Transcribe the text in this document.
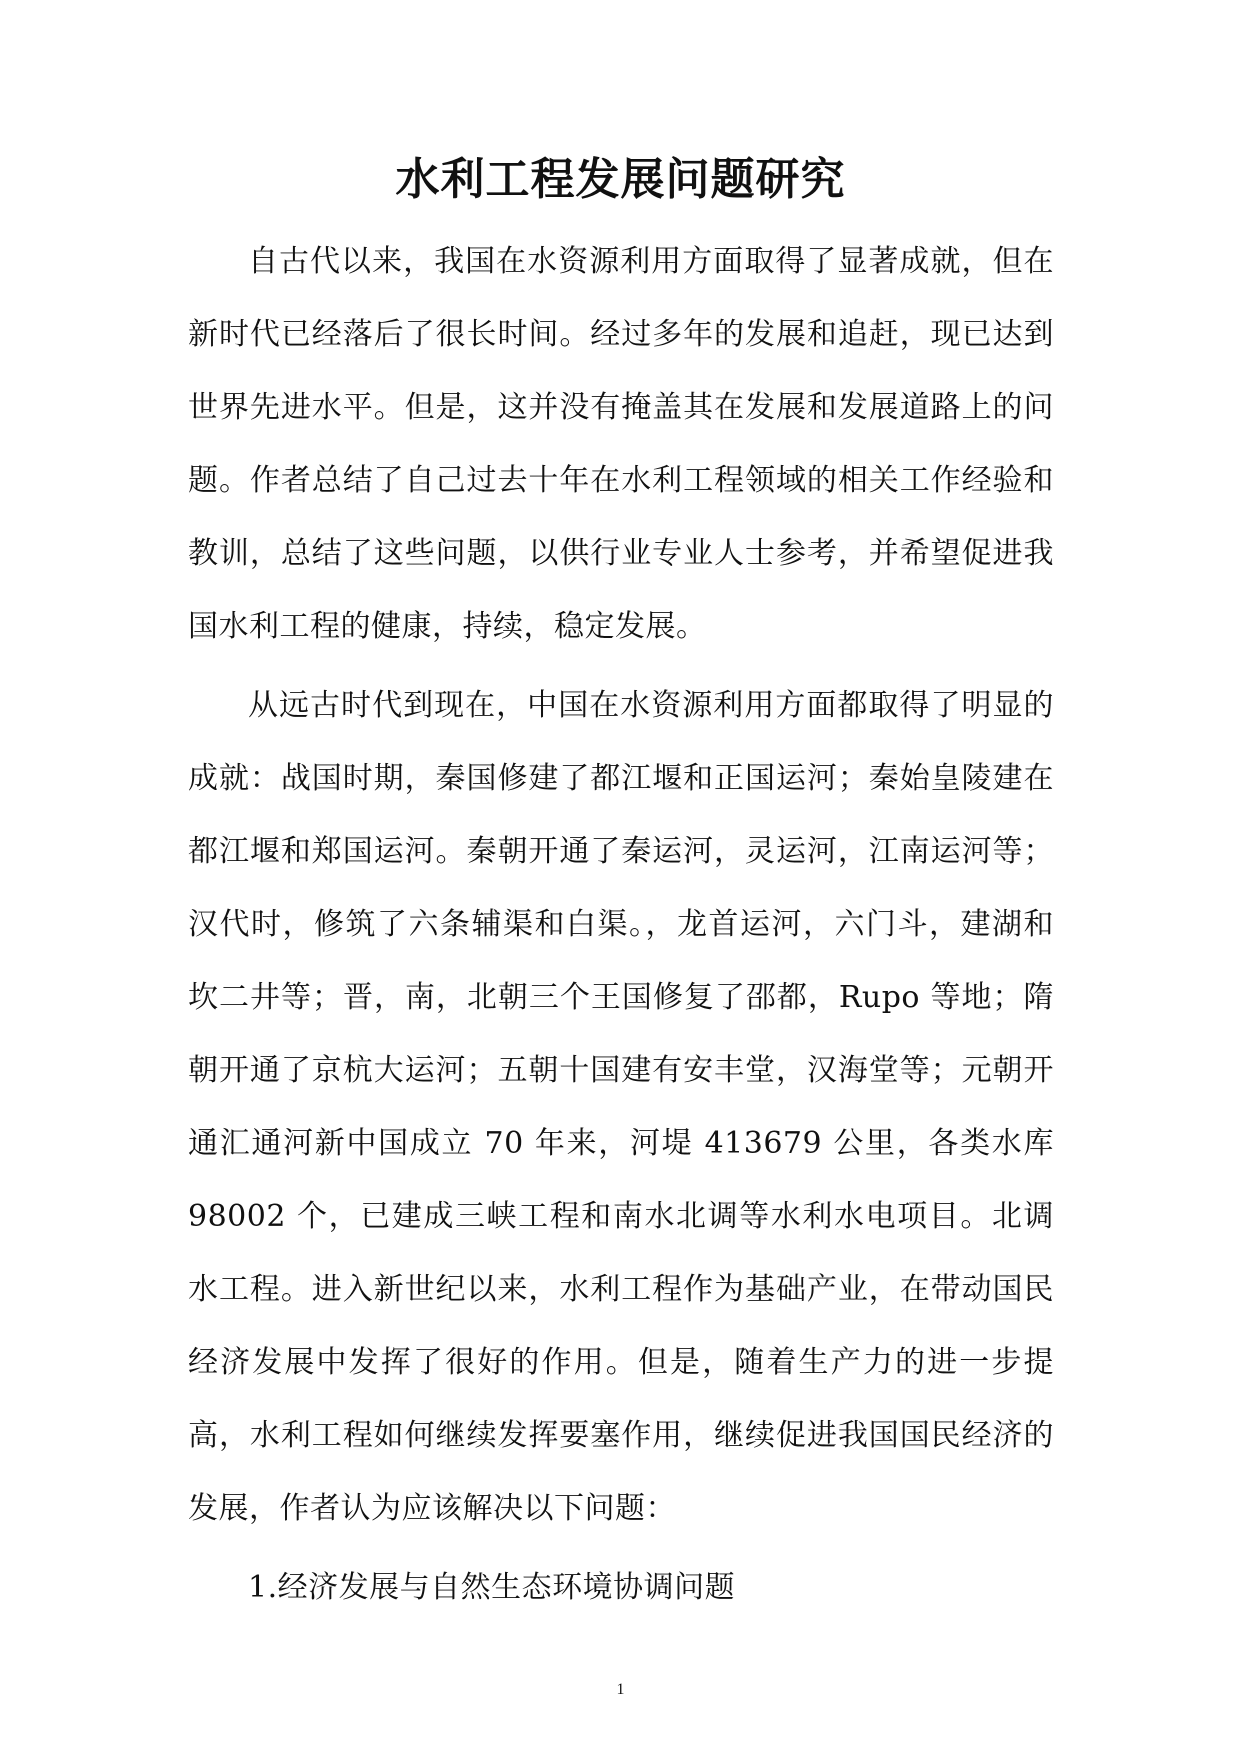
水利工程发展问题研究

自古代以来，我国在水资源利用方面取得了显著成就，但在新时代已经落后了很长时间。经过多年的发展和追赶，现已达到世界先进水平。但是，这并没有掩盖其在发展和发展道路上的问题。作者总结了自己过去十年在水利工程领域的相关工作经验和教训，总结了这些问题，以供行业专业人士参考，并希望促进我国水利工程的健康，持续，稳定发展。

从远古时代到现在，中国在水资源利用方面都取得了明显的成就：战国时期，秦国修建了都江堰和正国运河；秦始皇陵建在都江堰和郑国运河。秦朝开通了秦运河，灵运河，江南运河等；汉代时，修筑了六条辅渠和白渠。，龙首运河，六门斗，建湖和坎二井等；晋，南，北朝三个王国修复了邵都，Rupo 等地；隋朝开通了京杭大运河；五朝十国建有安丰堂，汉海堂等；元朝开通汇通河新中国成立 70 年来，河堤 413679 公里，各类水库 98002 个，已建成三峡工程和南水北调等水利水电项目。北调水工程。进入新世纪以来，水利工程作为基础产业，在带动国民经济发展中发挥了很好的作用。但是，随着生产力的进一步提高，水利工程如何继续发挥要塞作用，继续促进我国国民经济的发展，作者认为应该解决以下问题：

1.经济发展与自然生态环境协调问题

1
